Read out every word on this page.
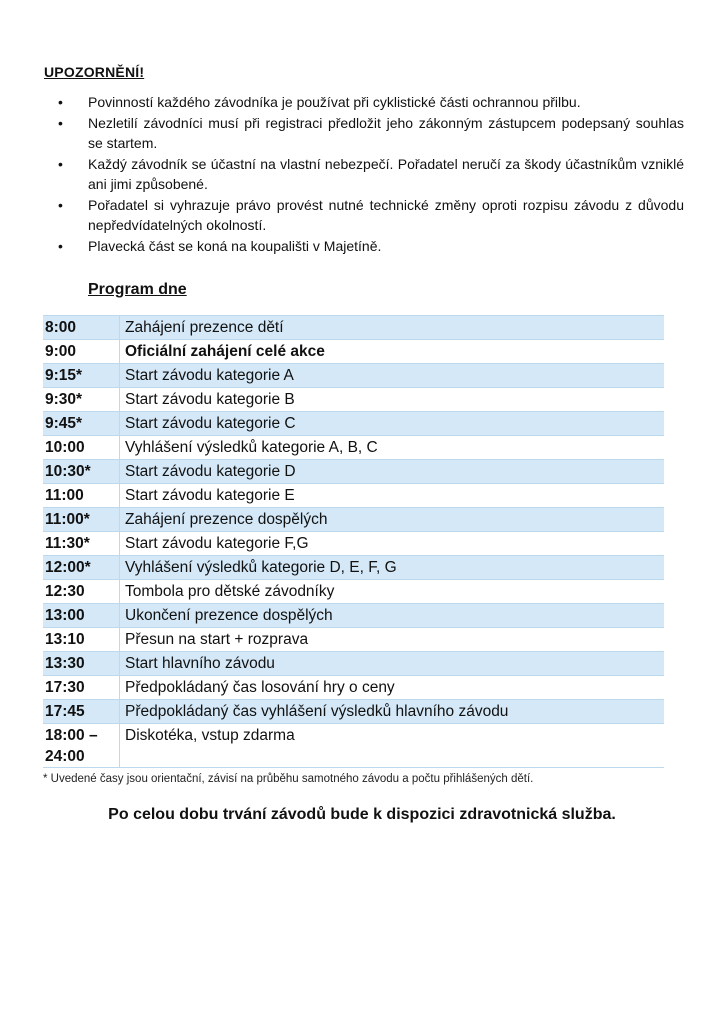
UPOZORNĚNÍ!
• Povinností každého závodníka je používat při cyklistické části ochrannou přilbu.
• Nezletilí závodníci musí při registraci předložit jeho zákonným zástupcem podepsaný souhlas se startem.
• Každý závodník se účastní na vlastní nebezpečí. Pořadatel neručí za škody účastníkům vzniklé ani jimi způsobené.
• Pořadatel si vyhrazuje právo provést nutné technické změny oproti rozpisu závodu z důvodu nepředvídatelných okolností.
• Plavecká část se koná na koupališti v Majetíně.
Program dne
8:00	Zahájení prezence dětí
9:00	Oficiální zahájení celé akce
9:15*	Start závodu kategorie A
9:30*	Start závodu kategorie B
9:45*	Start závodu kategorie C
10:00	Vyhlášení výsledků kategorie A, B, C
10:30*	Start závodu kategorie D
11:00	Start závodu kategorie E
11:00*	Zahájení prezence dospělých
11:30*	Start závodu kategorie F,G
12:00*	Vyhlášení výsledků kategorie D, E, F, G
12:30	Tombola pro dětské závodníky
13:00	Ukončení prezence dospělých
13:10	Přesun na start + rozprava
13:30	Start hlavního závodu
17:30	Předpokládaný čas losování hry o ceny
17:45	Předpokládaný čas vyhlášení výsledků hlavního závodu

18:00 –
24:00	Diskotéka, vstup zdarma
* Uvedené časy jsou orientační, závisí na průběhu samotného závodu a počtu přihlášených dětí.
Po celou dobu trvání závodů bude k dispozici zdravotnická služba.
